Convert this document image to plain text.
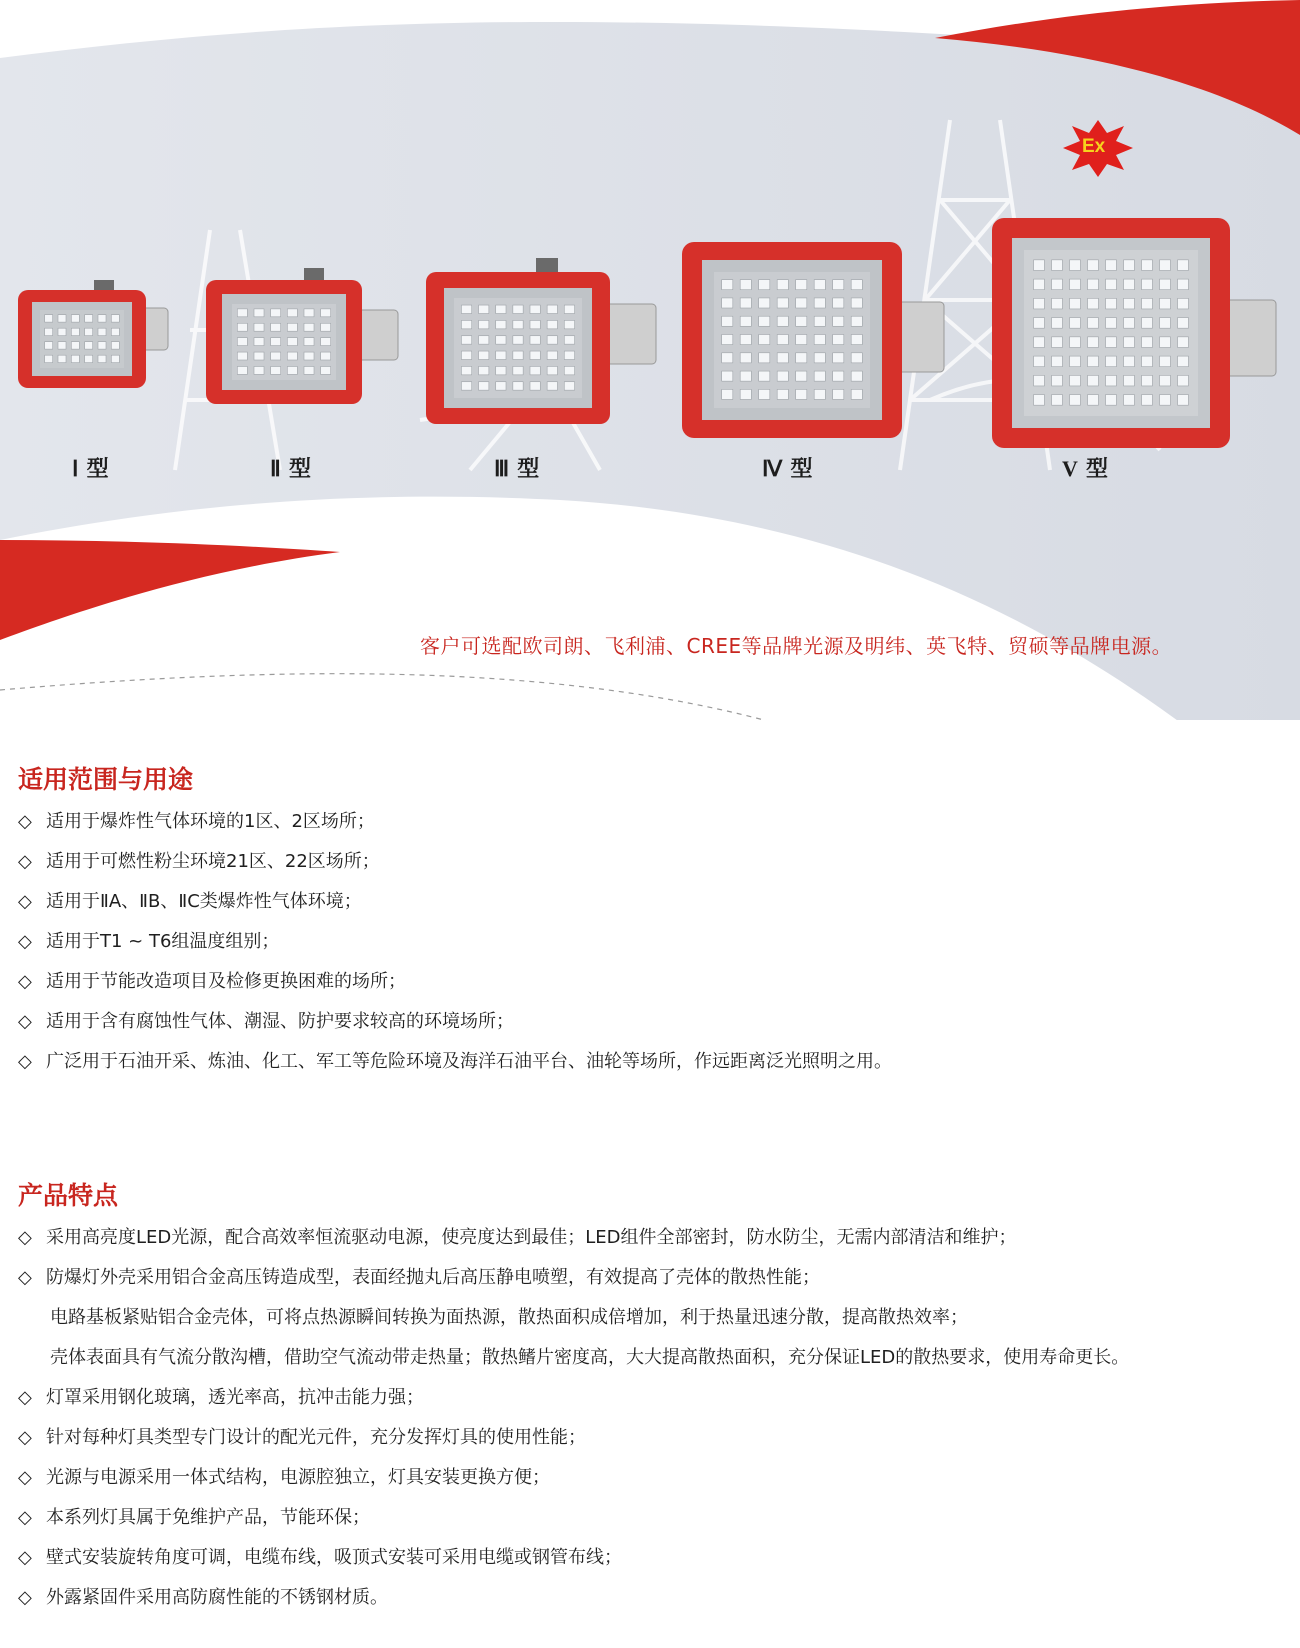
Ex
Ⅰ 型	Ⅱ 型	Ⅲ 型	Ⅳ 型	V 型
客户可选配欧司朗、飞利浦、CREE等品牌光源及明纬、英飞特、贸硕等品牌电源。
适用范围与用途
◇ 适用于爆炸性气体环境的1区、2区场所；
◇ 适用于可燃性粉尘环境21区、22区场所；
◇ 适用于ⅡA、ⅡB、ⅡC类爆炸性气体环境；
◇ 适用于T1 ~ T6组温度组别；
◇ 适用于节能改造项目及检修更换困难的场所；
◇ 适用于含有腐蚀性气体、潮湿、防护要求较高的环境场所；
◇ 广泛用于石油开采、炼油、化工、军工等危险环境及海洋石油平台、油轮等场所，作远距离泛光照明之用。
产品特点
◇ 采用高亮度LED光源，配合高效率恒流驱动电源，使亮度达到最佳；LED组件全部密封，防水防尘，无需内部清洁和维护；
◇ 防爆灯外壳采用铝合金高压铸造成型，表面经抛丸后高压静电喷塑，有效提高了壳体的散热性能；
电路基板紧贴铝合金壳体，可将点热源瞬间转换为面热源，散热面积成倍增加，利于热量迅速分散，提高散热效率；
壳体表面具有气流分散沟槽，借助空气流动带走热量；散热鳍片密度高，大大提高散热面积，充分保证LED的散热要求，使用寿命更长。
◇ 灯罩采用钢化玻璃，透光率高，抗冲击能力强；
◇ 针对每种灯具类型专门设计的配光元件，充分发挥灯具的使用性能；
◇ 光源与电源采用一体式结构，电源腔独立，灯具安装更换方便；
◇ 本系列灯具属于免维护产品，节能环保；
◇ 壁式安装旋转角度可调，电缆布线，吸顶式安装可采用电缆或钢管布线；
◇ 外露紧固件采用高防腐性能的不锈钢材质。
